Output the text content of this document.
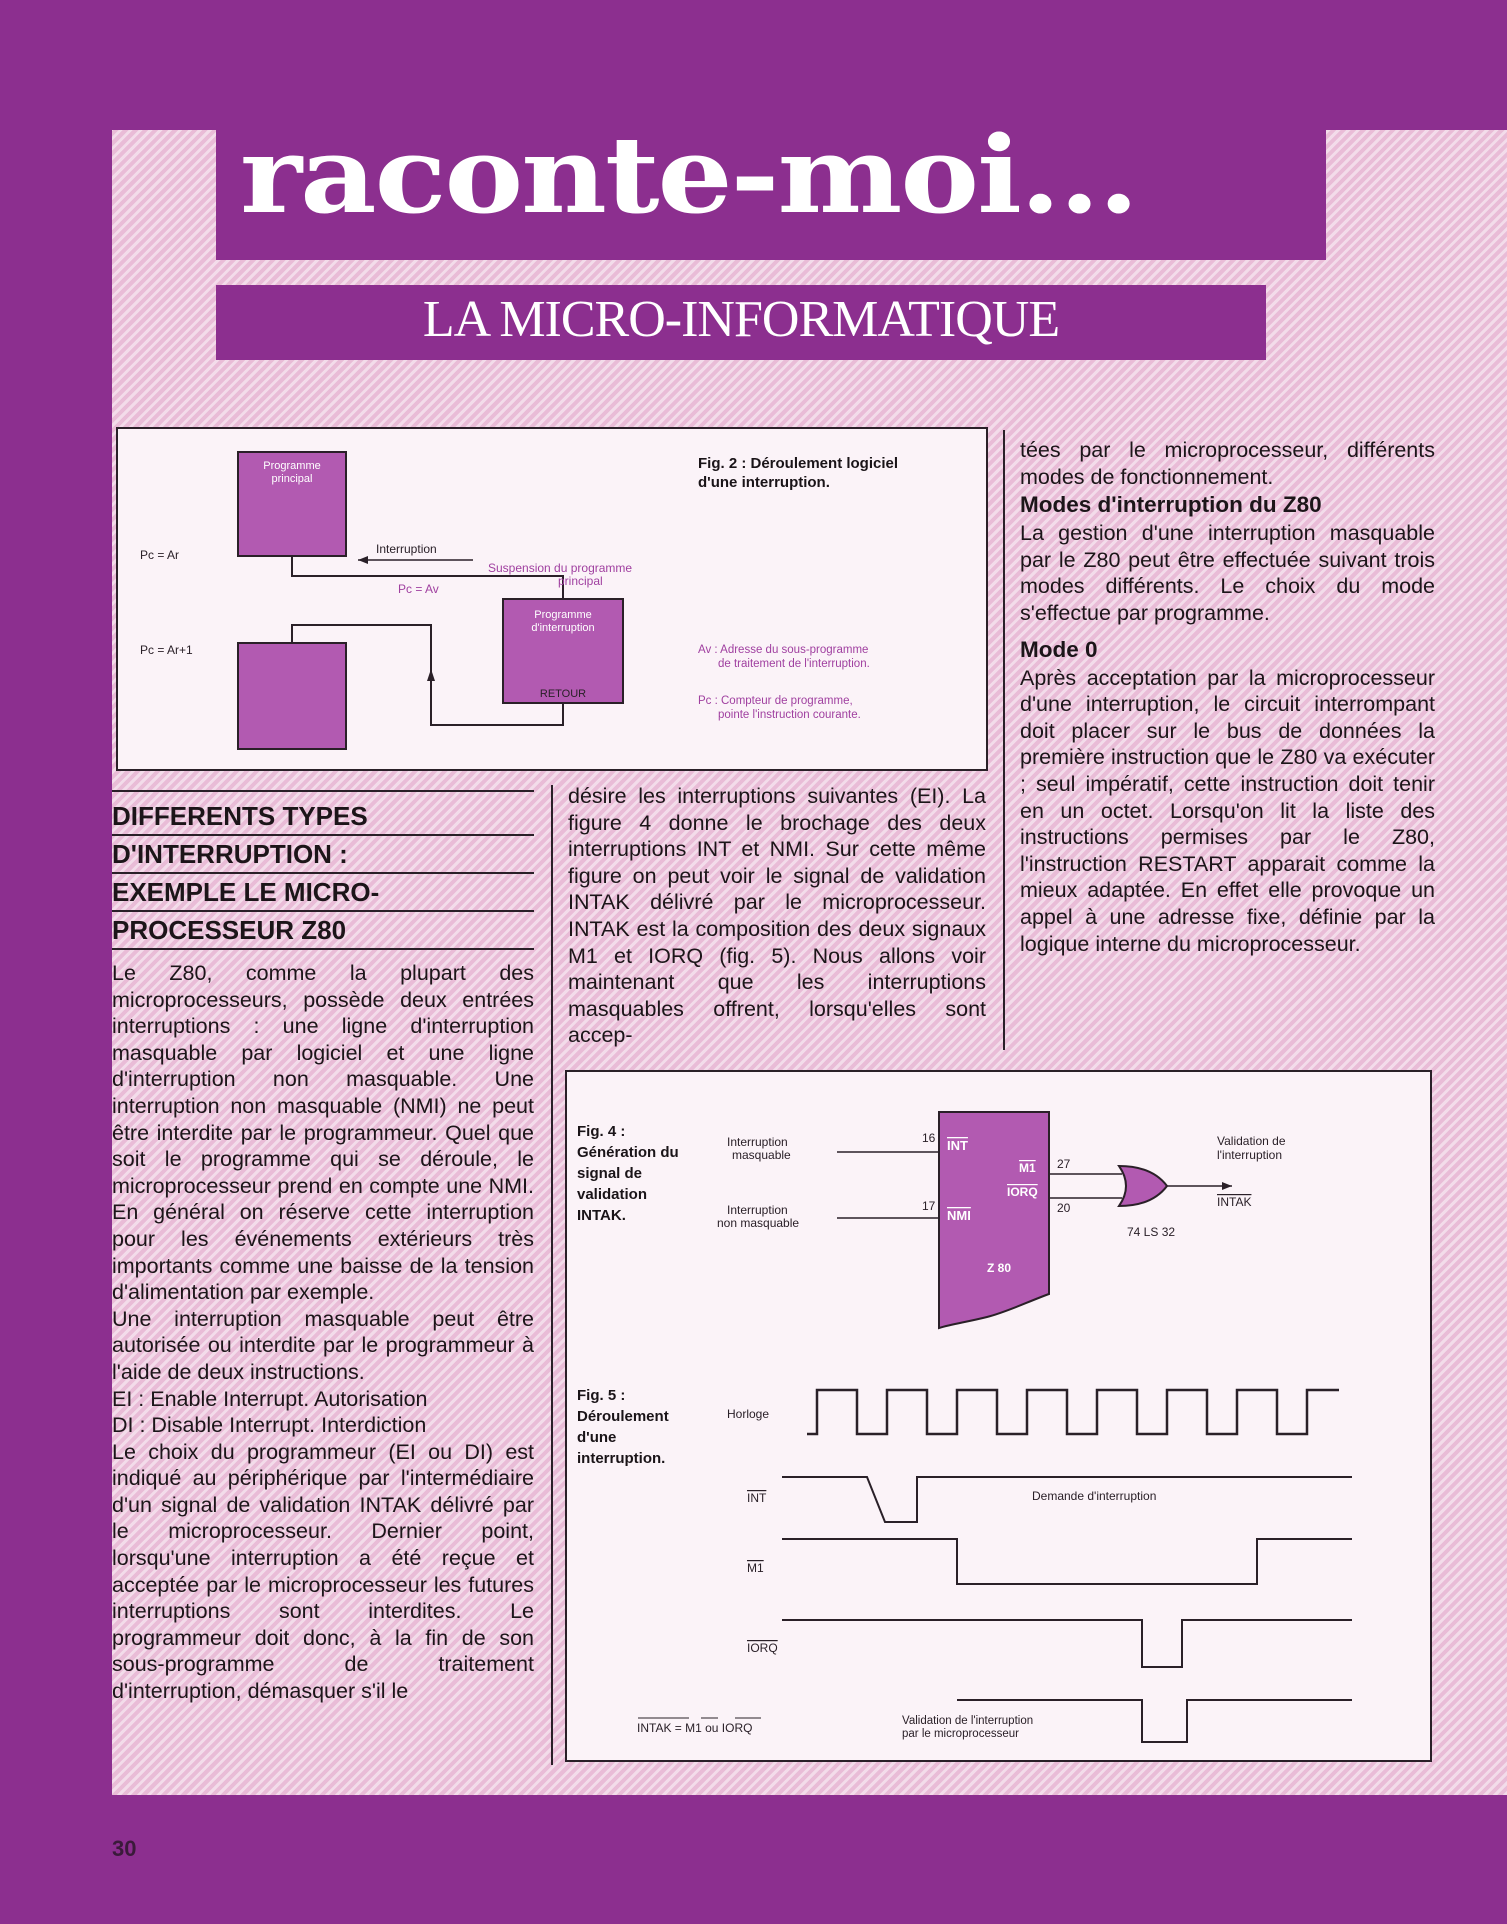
raconte-moi...
LA MICRO-INFORMATIQUE
Programme
principal
Programme
d'interruption
RETOUR
Interruption
Pc = Ar
Pc = Ar+1
Suspension du programme
principal
Pc = Av
Fig. 2 : Déroulement logiciel
d'une interruption.
Av : Adresse du sous-programme
de traitement de l'interruption.
Pc : Compteur de programme,
pointe l'instruction courante.

DIFFERENTS TYPES

D'INTERRUPTION :

EXEMPLE LE MICRO-

PROCESSEUR Z80

Le Z80, comme la plupart des microprocesseurs, possède deux entrées interruptions : une ligne d'interruption masquable par logiciel et une ligne d'interruption non masquable. Une interruption non masquable (NMI) ne peut être interdite par le programmeur. Quel que soit le programme qui se déroule, le microprocesseur prend en compte une NMI. En général on réserve cette interruption pour les événements extérieurs très importants comme une baisse de la tension d'alimentation par exemple.

Une interruption masquable peut être autorisée ou interdite par le programmeur à l'aide de deux instructions.

EI : Enable Interrupt. Autorisation

DI : Disable Interrupt. Interdiction

Le choix du programmeur (EI ou DI) est indiqué au périphérique par l'intermédiaire d'un signal de validation INTAK délivré par le microprocesseur. Dernier point, lorsqu'une interruption a été reçue et acceptée par le microprocesseur les futures interruptions sont interdites. Le programmeur doit donc, à la fin de son sous-programme de traitement d'interruption, démasquer s'il le

désire les interruptions suivantes (EI). La figure 4 donne le brochage des deux interruptions INT et NMI. Sur cette même figure on peut voir le signal de validation INTAK délivré par le microprocesseur. INTAK est la composition des deux signaux M1 et IORQ (fig. 5). Nous allons voir maintenant que les interruptions masquables offrent, lorsqu'elles sont accep-

tées par le microprocesseur, différents modes de fonctionnement.

Modes d'interruption du Z80

La gestion d'une interruption masquable par le Z80 peut être effectuée suivant trois modes différents. Le choix du mode s'effectue par programme.

Mode 0

Après acceptation par la microprocesseur d'une interruption, le circuit interrompant doit placer sur le bus de données la première instruction que le Z80 va exécuter ; seul impératif, cette instruction doit tenir en un octet. Lorsqu'on lit la liste des instructions permises par le Z80, l'instruction RESTART apparait comme la mieux adaptée. En effet elle provoque un appel à une adresse fixe, définie par la logique interne du microprocesseur.

Fig. 4 :
Génération du
signal de
validation
INTAK.
INT
NMI
M1
IORQ
Z 80
16
17
Interruption
masquable
Interruption
non masquable
27
20
74 LS 32
Validation de
l'interruption
INTAK
Fig. 5 :
Déroulement
d'une
interruption.
Horloge
INT	Demande d'interruption
M1
IORQ
INTAK = M1 ou IORQ	Validation de l'interruption
par le microprocesseur
30
